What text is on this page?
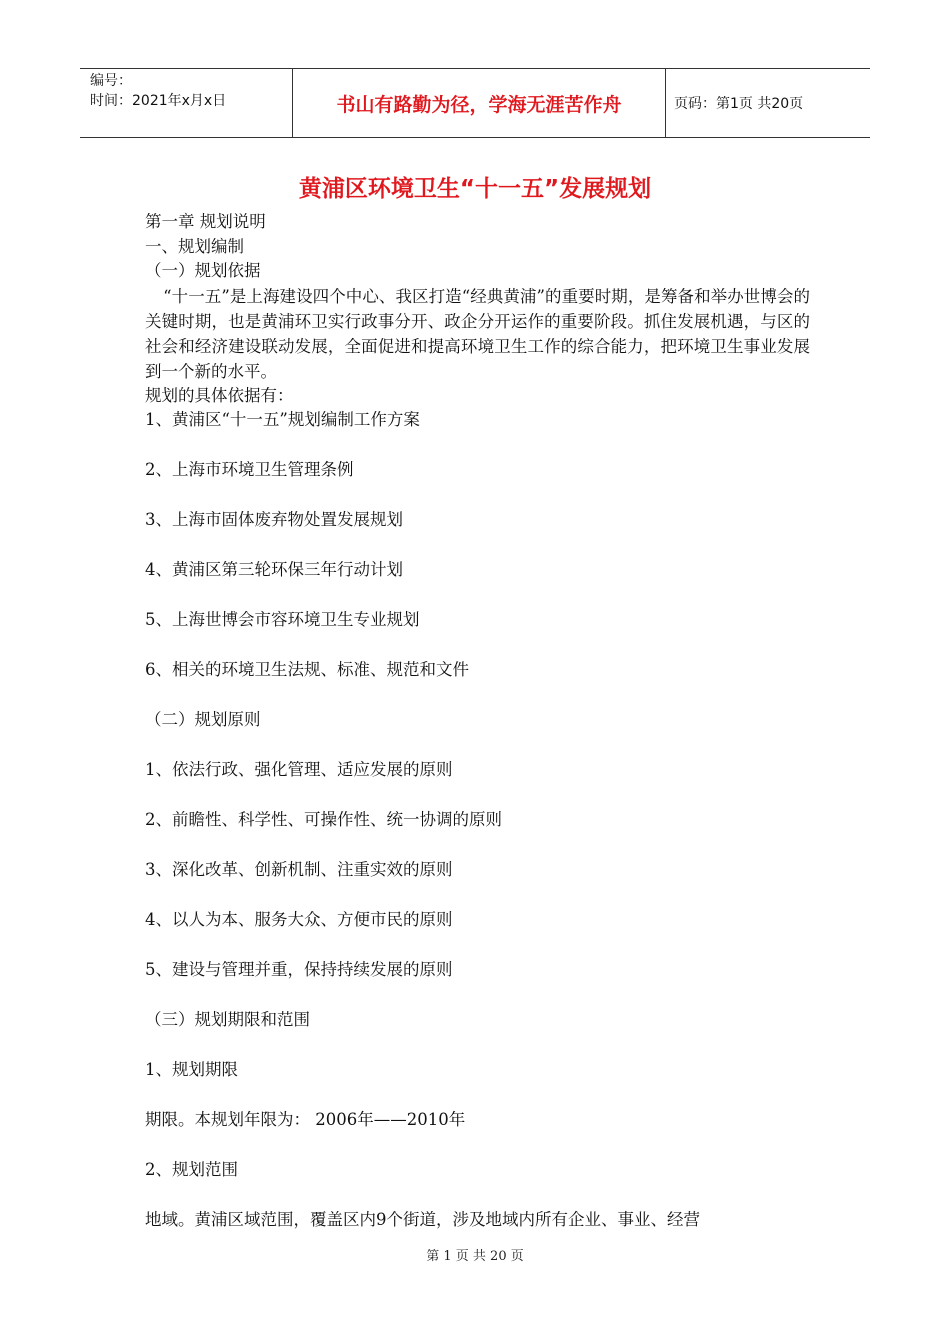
编号：
时间：2021年x月x日	书山有路勤为径，学海无涯苦作舟	页码：第1页 共20页
黄浦区环境卫生“十一五”发展规划
第一章 规划说明
一、规划编制
（一）规划依据

“十一五”是上海建设四个中心、我区打造“经典黄浦”的重要时期，是筹备和举办世博会的关键时期，也是黄浦环卫实行政事分开、政企分开运作的重要阶段。抓住发展机遇，与区的社会和经济建设联动发展，全面促进和提高环境卫生工作的综合能力，把环境卫生事业发展到一个新的水平。

规划的具体依据有：
1、黄浦区“十一五”规划编制工作方案
2、上海市环境卫生管理条例
3、上海市固体废弃物处置发展规划
4、黄浦区第三轮环保三年行动计划
5、上海世博会市容环境卫生专业规划
6、相关的环境卫生法规、标准、规范和文件
（二）规划原则
1、依法行政、强化管理、适应发展的原则
2、前瞻性、科学性、可操作性、统一协调的原则
3、深化改革、创新机制、注重实效的原则
4、以人为本、服务大众、方便市民的原则
5、建设与管理并重，保持持续发展的原则
（三）规划期限和范围
1、规划期限
期限。本规划年限为： 2006年——2010年
2、规划范围
地域。黄浦区域范围，覆盖区内9个街道，涉及地域内所有企业、事业、经营
第 1 页 共 20 页
